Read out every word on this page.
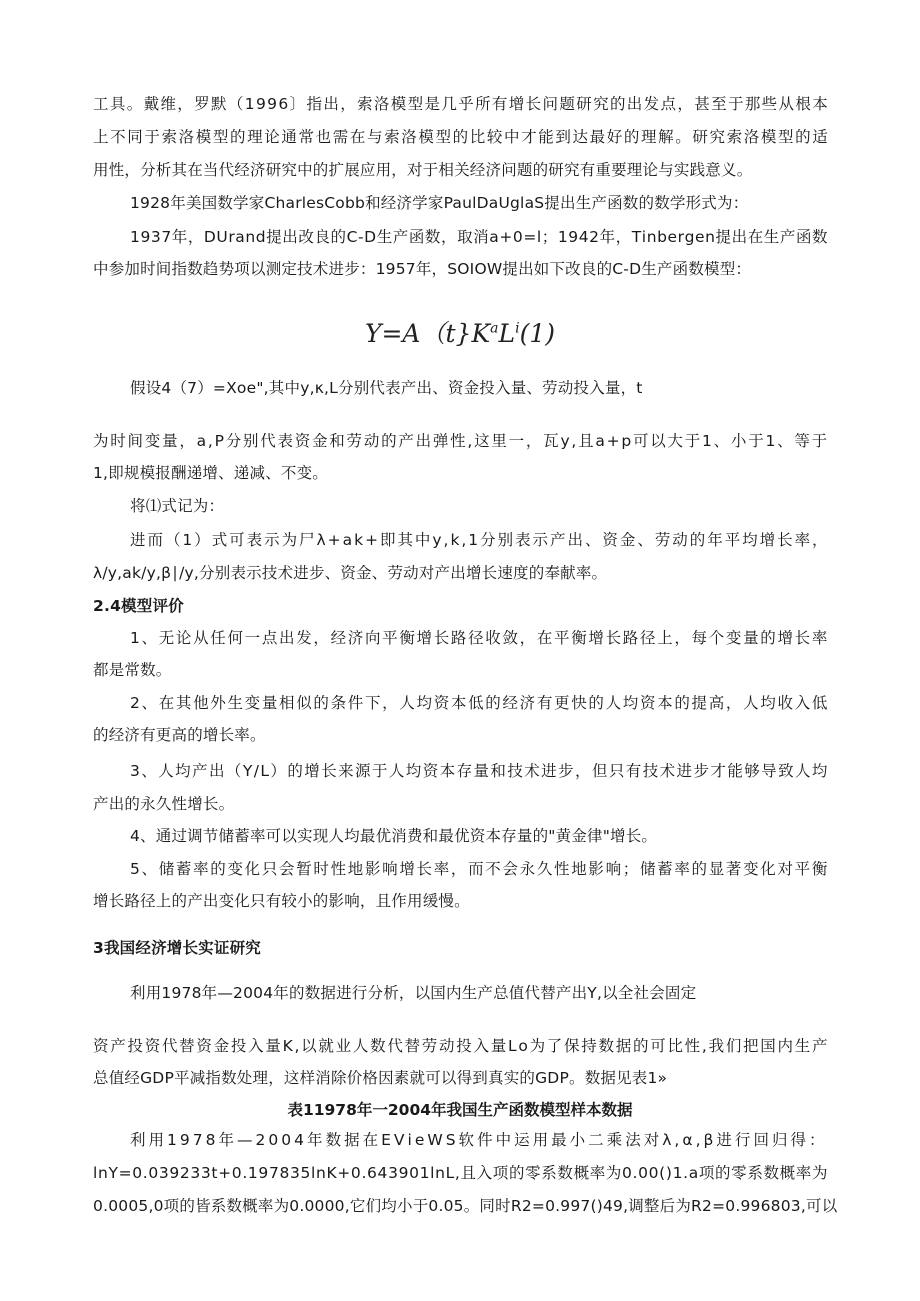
工 具 。 戴 维 ， 罗 默 （ 1 9 9 6 〕 指 出 ， 索 洛 模 型 是 几 乎 所 有 增 长 问 题 研 究 的 出 发 点 ， 甚 至 于 那 些 从 根 本
上 不 同 于 索 洛 模 型 的 理 论 通 常 也 需 在 与 索 洛 模 型 的 比 较 中 才 能 到 达 最 好 的 理 解 。 研 究 索 洛 模 型 的 适
用性，分析其在当代经济研究中的扩展应用，对于相关经济问题的研究有重要理论与实践意义。
1928年美国数学家CharlesCobb和经济学家PaulDaUglaS提出生产函数的数学形式为：
1 9 3 7 年 ， D U r a n d 提 出 改 良 的 C - D 生 产 函 数 ， 取 消 a + 0 = l ； 1 9 4 2 年 ， T i n b e r g e n 提 出 在 生 产 函 数
中参加时间指数趋势项以测定技术进步：1957年，SOIOW提出如下改良的C-D生产函数模型：
$Y=A(t\}K^aL^i(1)$
假设4（7）=Xoe",其中y,κ,L分别代表产出、资金投入量、劳动投入量，t
为 时 间 变 量 ， a , P 分 别 代 表 资 金 和 劳 动 的 产 出 弹 性 , 这 里 一 ， 瓦 y , 且 a + p 可 以 大 于 1 、 小 于 1 、 等 于
1,即规模报酬递增、递减、不变。
将⑴式记为：
进 而 （ 1 ） 式 可 表 示 为 尸 λ + a k + 即 其 中 y , k , 1 分 别 表 示 产 出 、 资 金 、 劳 动 的 年 平 均 增 长 率 ，
λ∕y,ak∕y,β∣∕y,分别表示技术进步、资金、劳动对产出增长速度的奉献率。
2.4模型评价
1 、 无 论 从 任 何 一 点 出 发 ， 经 济 向 平 衡 增 长 路 径 收 敛 ， 在 平 衡 增 长 路 径 上 ， 每 个 变 量 的 增 长 率
都是常数。
2 、 在 其 他 外 生 变 量 相 似 的 条 件 下 ， 人 均 资 本 低 的 经 济 有 更 快 的 人 均 资 本 的 提 高 ， 人 均 收 入 低
的经济有更高的增长率。
3 、 人 均 产 出 （ Y / L ） 的 增 长 来 源 于 人 均 资 本 存 量 和 技 术 进 步 ， 但 只 有 技 术 进 步 才 能 够 导 致 人 均
产出的永久性增长。
4、通过调节储蓄率可以实现人均最优消费和最优资本存量的"黄金律"增长。
5 、 储 蓄 率 的 变 化 只 会 暂 时 性 地 影 响 增 长 率 ， 而 不 会 永 久 性 地 影 响 ； 储 蓄 率 的 显 著 变 化 对 平 衡
增长路径上的产出变化只有较小的影响，且作用缓慢。
3我国经济增长实证研究
利用1978年—2004年的数据进行分析，以国内生产总值代替产出Y,以全社会固定
资 产 投 资 代 替 资 金 投 入 量 K , 以 就 业 人 数 代 替 劳 动 投 入 量 L o 为 了 保 持 数 据 的 可 比 性 , 我 们 把 国 内 生 产
总值经GDP平减指数处理，这样消除价格因素就可以得到真实的GDP。数据见表1»
表11978年一2004年我国生产函数模型样本数据
利 用 1 9 7 8 年 — 2 0 0 4 年 数 据 在 E V i e W S 软 件 中 运 用 最 小 二 乘 法 对 λ , α , β 进 行 回 归 得 ：
l n Y = 0 . 0 3 9 2 3 3 t + 0 . 1 9 7 8 3 5 l n K + 0 . 6 4 3 9 0 1 l n L , 且 入 项 的 零 系 数 概 率 为 0 . 0 0 ( ) 1 . a 项 的 零 系 数 概 率 为
0 . 0 0 0 5 , 0 项 的 皆 系 数 概 率 为 0 . 0 0 0 0 , 它 们 均 小 于 0 . 0 5 。 同 时 R 2 = 0 . 9 9 7 ( ) 4 9 , 调 整 后 为 R 2 = 0 . 9 9 6 8 0 3 , 可 以
